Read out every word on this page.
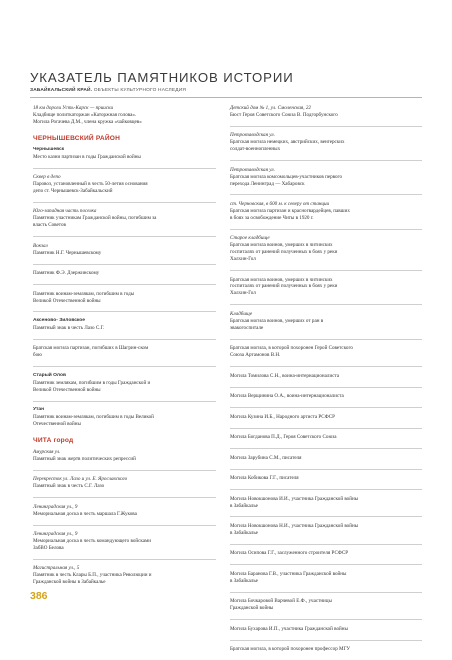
УКАЗАТЕЛЬ ПАМЯТНИКОВ ИСТОРИИ
ЗАБАЙКАЛЬСКИЙ КРАЙ. ОБЪЕКТЫ КУЛЬТУРНОГО НАСЛЕДИЯ
18 км дороги Усть-Карск — прииски
Кладбище политкаторжан «Каторжная голова».
Могила Рогачева Д.М., члена кружка «чайковцев»
ЧЕРНЫШЕВСКИЙ РАЙОН
Чернышевск
Место казни партизан в годы Гражданской войны
Сквер в депо
Паровоз, установленный в честь 50-летия основания
депо ст. Чернышевск-Забайкальский
Юго-западная часть поселка
Памятник участникам Гражданской войны, погибшим за
власть Советов
Вокзал
Памятник Н.Г. Чернышевскому
Памятник Ф.Э. Дзержинскому
Памятник воинам-землякам, погибшим в годы
Великой Отечественной войны
Аксеново- Зиловское
Памятный знак в честь Лазо С.Г.
Братская могила партизан, погибших в Шагрин-ском
бою
Старый Олов
Памятник землякам, погибшим в годы Гражданской и
Великой Отечественной войны
Утан
Памятник воинам-землякам, погибшим в годы Великой
Отечественной войны
ЧИТА город
Амурская ул.
Памятный знак жертв политических репрессий
Перекресток ул. Лазо и ул. Е. Ярославского
Памятный знак в честь С.Г. Лазо
Ленинградская ул., 9
Мемориальная доска в честь маршала Г.Жукова
Ленинградская ул., 9
Мемориальная доска в честь командующего войсками
ЗабВО Белова
Магистральная ул., 5
Памятник в честь Клары Б.П., участника Революции и
Гражданской войны в Забайкалье
Детский дом № 1, ул. Смоленская, 22
Бюст Героя Советского Союза В. Подгорбунского
Петровзаводская ул.
Братская могила немецких, австрийских, венгерских
солдат-военнопленных
Петровзаводская ул.
Братская могила комсомольцев-участников первого
перехода Ленинград — Хабаровск
ст. Черновская, в 600 м. к северу от станции
Братская могила партизан и красногвардейцев, павших
в боях за освобождение Читы в 1920 г.
Старое кладбище
Братская могила воинов, умерших в читинских
госпиталях от ранений полученных в боях у реки
Халхин-Гол
Братская могила воинов, умерших в читинских
госпиталях от ранений полученных в боях у реки
Халхин-Гол
Кладбище
Братская могила воинов, умерших от ран в
эвакогоспитале
Братская могила, в которой похоронен Герой Советского
Союза Артамонов В.Н.
Могила Томилова С.Н., воина-интернационалиста
Могила Верщинина О.А., воина-интернационалиста
Могила Кузина И.Б., Народного артиста РСФСР
Могила Богданова П.Д., Героя Советского Союза
Могила Зарубина С.М., писателя
Могила Кобикова Г.Г., писателя
Могила Новокшонова И.И., участника Гражданской войны
в Забайкалье
Могила Новокшонова Н.И., участника Гражданской войны
в Забайкалье
Могила Осипова Г.Г., заслуженного строителя РСФСР
Могила Баранова Г.В., участника Гражданской войны
в Забайкалье
Могила Бочкаровой Варчевой Е.Ф., участницы
Гражданской войны
Могила Бухарова И.П., участника Гражданской войны
Братская могила, в которой похоронен профессор МГУ
386
